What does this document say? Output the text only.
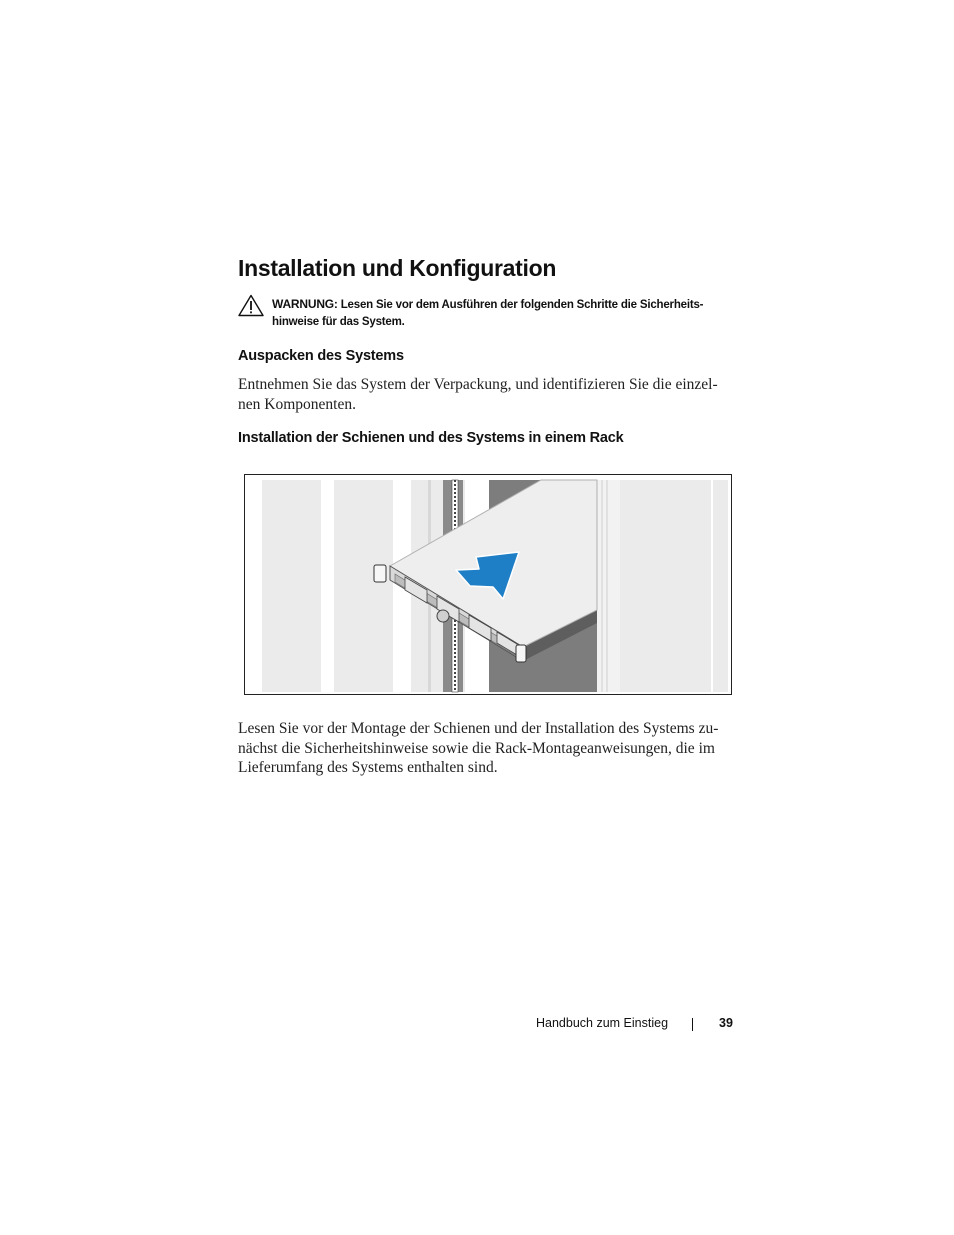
Installation und Konfiguration
WARNUNG: Lesen Sie vor dem Ausführen der folgenden Schritte die Sicherheits-
hinweise für das System.
Auspacken des Systems
Entnehmen Sie das System der Verpackung, und identifizieren Sie die einzel-
nen Komponenten.
Installation der Schienen und des Systems in einem Rack
Lesen Sie vor der Montage der Schienen und der Installation des Systems zu-
nächst die Sicherheitshinweise sowie die Rack-Montageanweisungen, die im
Lieferumfang des Systems enthalten sind.
Handbuch zum Einstieg	39
